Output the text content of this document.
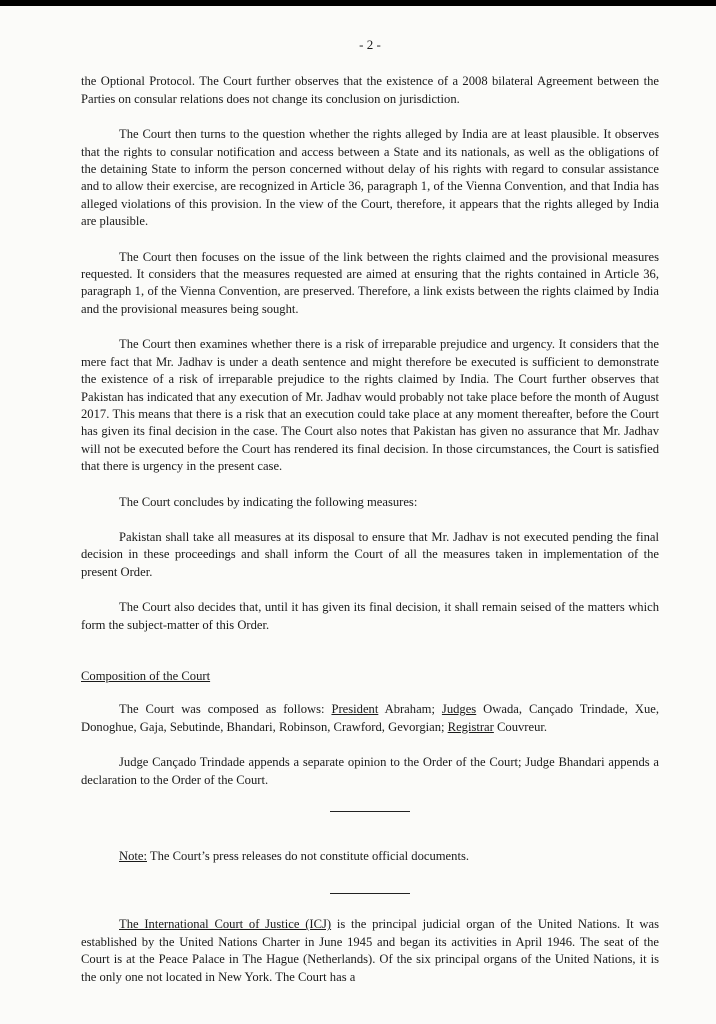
- 2 -

the Optional Protocol. The Court further observes that the existence of a 2008 bilateral Agreement between the Parties on consular relations does not change its conclusion on jurisdiction.

The Court then turns to the question whether the rights alleged by India are at least plausible. It observes that the rights to consular notification and access between a State and its nationals, as well as the obligations of the detaining State to inform the person concerned without delay of his rights with regard to consular assistance and to allow their exercise, are recognized in Article 36, paragraph 1, of the Vienna Convention, and that India has alleged violations of this provision. In the view of the Court, therefore, it appears that the rights alleged by India are plausible.

The Court then focuses on the issue of the link between the rights claimed and the provisional measures requested. It considers that the measures requested are aimed at ensuring that the rights contained in Article 36, paragraph 1, of the Vienna Convention, are preserved. Therefore, a link exists between the rights claimed by India and the provisional measures being sought.

The Court then examines whether there is a risk of irreparable prejudice and urgency. It considers that the mere fact that Mr. Jadhav is under a death sentence and might therefore be executed is sufficient to demonstrate the existence of a risk of irreparable prejudice to the rights claimed by India. The Court further observes that Pakistan has indicated that any execution of Mr. Jadhav would probably not take place before the month of August 2017. This means that there is a risk that an execution could take place at any moment thereafter, before the Court has given its final decision in the case. The Court also notes that Pakistan has given no assurance that Mr. Jadhav will not be executed before the Court has rendered its final decision. In those circumstances, the Court is satisfied that there is urgency in the present case.

The Court concludes by indicating the following measures:

Pakistan shall take all measures at its disposal to ensure that Mr. Jadhav is not executed pending the final decision in these proceedings and shall inform the Court of all the measures taken in implementation of the present Order.

The Court also decides that, until it has given its final decision, it shall remain seised of the matters which form the subject-matter of this Order.

Composition of the Court

The Court was composed as follows: President Abraham; Judges Owada, Cançado Trindade, Xue, Donoghue, Gaja, Sebutinde, Bhandari, Robinson, Crawford, Gevorgian; Registrar Couvreur.

Judge Cançado Trindade appends a separate opinion to the Order of the Court; Judge Bhandari appends a declaration to the Order of the Court.

Note: The Court’s press releases do not constitute official documents.

The International Court of Justice (ICJ) is the principal judicial organ of the United Nations. It was established by the United Nations Charter in June 1945 and began its activities in April 1946. The seat of the Court is at the Peace Palace in The Hague (Netherlands). Of the six principal organs of the United Nations, it is the only one not located in New York. The Court has a
